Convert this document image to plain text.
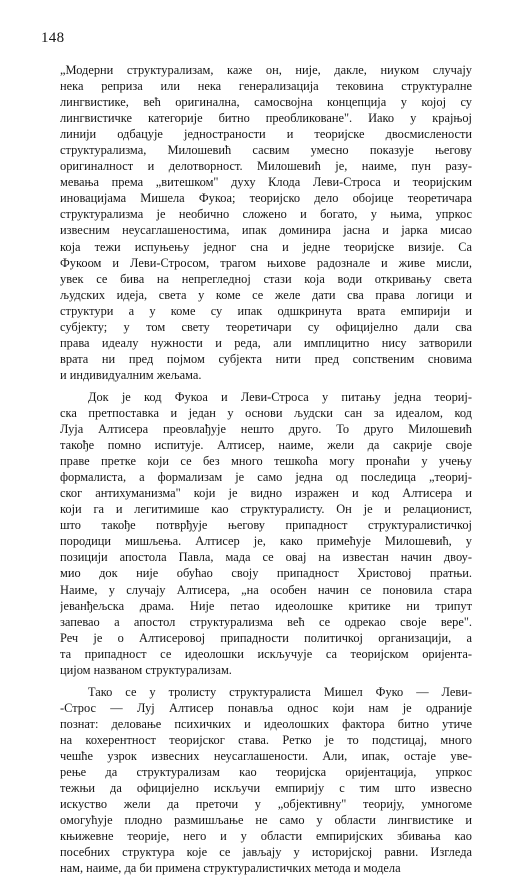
148
„Модерни структурализам, каже он, није, дакле, ниуком случају
нека репризa или нека генерализација тековина структуралне
лингвистике, већ оригинална, самосвојна концепција у којој су
лингвистичке категорије битно преобликоване". Иако у крајњој
линији одбацује једностраности и теоријске двосмислености
структурализма, Милошевић сасвим умесно показује његову
оригиналност и делотворност. Милошевић је, наиме, пун разу-
мевања према „витешком" духу Клода Леви-Строса и теоријским
иновацијама Мишела Фукоа; теоријско дело обојице теоретичара
структурализма је необично сложено и богато, у њима, упркос
извесним неусаглашеностима, ипак доминира јасна и јарка мисао
која тежи испуњењу једног сна и једне теоријске визије. Са
Фукоом и Леви-Стросом, трагом њихове радознале и живе мисли,
увек се бива на непрегледној стази која води откривању света
људских идеја, света у коме се желе дати сва права логици и
структури а у коме су ипак одшкринута врата емпирији и
субјекту; у том свету теоретичари су официјелно дали сва
права идеалу нужности и реда, али имплицитно нису затворили
врата ни пред појмом субјекта нити пред сопственим сновима
и индивидуалним жељама.
Док је код Фукоа и Леви-Строса у питању једна теориј-
ска претпоставка и један у основи људски сан за идеалом, код
Луја Алтисера преовлађује нешто друго. То друго Милошевић
такође помно испитује. Алтисер, наиме, жели да сакрије своје
праве претке који се без много тешкоћа могу пронаћи у учењу
формалиста, а формализам је само једна од последица „теориј-
ског антихуманизма" који је видно изражен и код Алтисера и
који га и легитимише као структуралисту. Он је и релационист,
што такође потврђује његову припадност структуралистичкој
породици мишљења. Алтисер је, како примећује Милошевић, у
позицији апостола Павла, мада се овај на известан начин двоу-
мио док није обућао своју припадност Христовој пратњи.
Наиме, у случају Алтисера, „на особен начин се поновила стара
јеванђељска драма. Није петао идеолошке критике ни трипут
запевао а апостол структурализма већ се одрекао своје вере".
Реч је о Алтисеровој припадности политичкој организацији, а
та припадност се идеолошки искључује са теоријском оријента-
цијом названом структурализам.
Тако се у тролисту структуралиста Мишел Фуко — Леви-
-Строс — Луј Алтисер понавља однос који нам је одраније
познат: деловање психичких и идеолошких фактора битно утиче
на кохерентност теоријског става. Ретко је то подстицај, много
чешће узрок извесних неусаглашености. Али, ипак, остаје уве-
рење да структурализам као теоријска оријентација, упркос
тежњи да официјелно искључи емпирију с тим што извесно
искуство жели да преточи у „објективну" теорију, умногоме
омогућује плодно размишљање не само у области лингвистике и
књижевне теорије, него и у области емпиријских збивања као
посебних структура које се јављају у историјској равни. Изгледа
нам, наиме, да би примена структуралистичких метода и модела
